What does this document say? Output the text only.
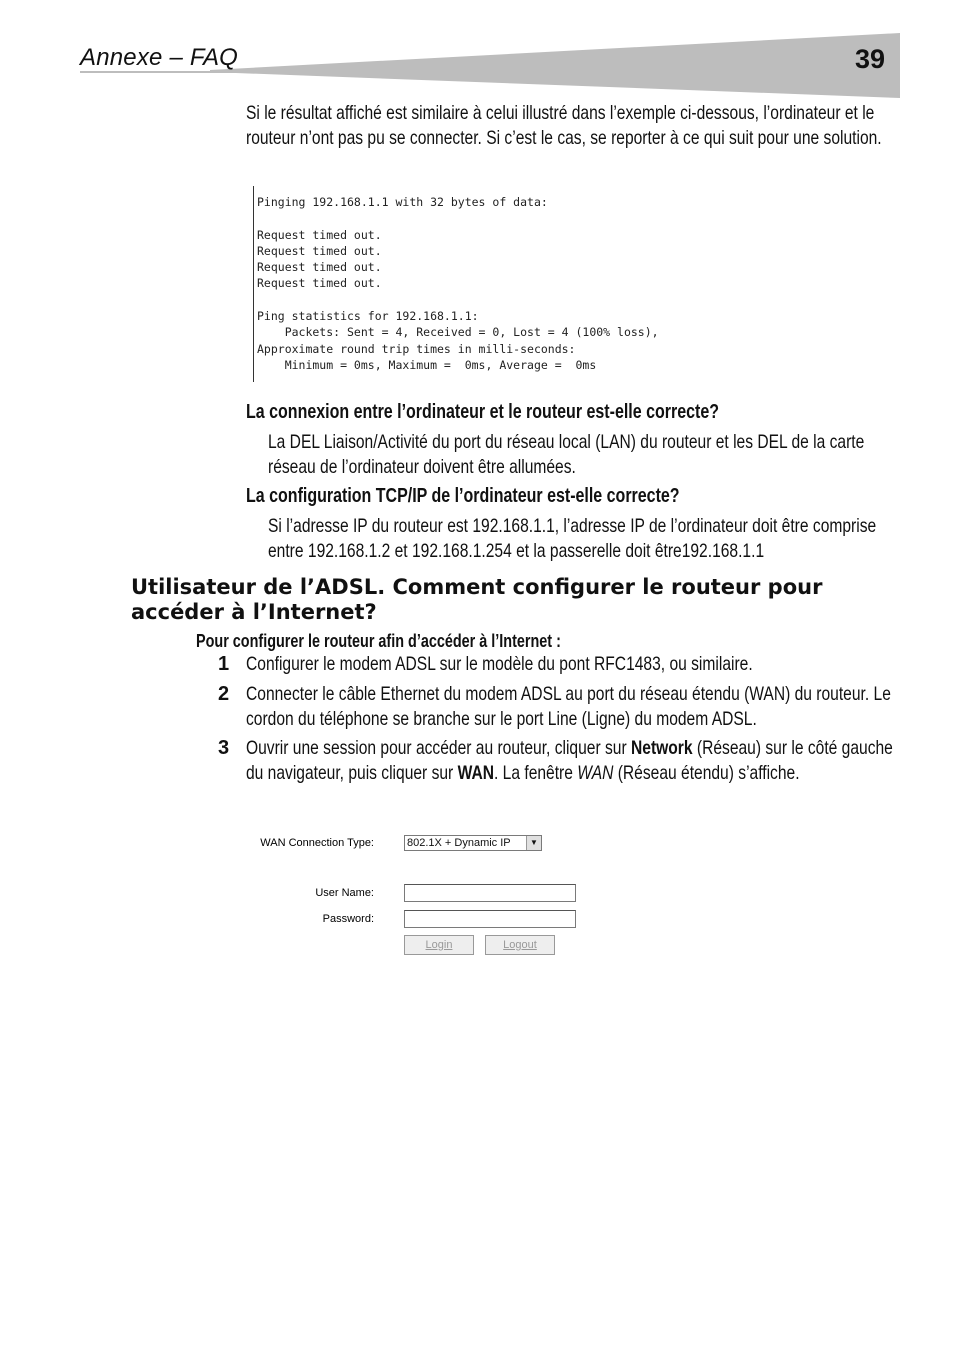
Annexe – FAQ	39
Si le résultat affiché est similaire à celui illustré dans l’exemple ci-dessous, l’ordinateur et le routeur n’ont pas pu se connecter. Si c’est le cas, se reporter à ce qui suit pour une solution.
Pinging 192.168.1.1 with 32 bytes of data:

Request timed out.
Request timed out.
Request timed out.
Request timed out.

Ping statistics for 192.168.1.1:
Packets: Sent = 4, Received = 0, Lost = 4 (100% loss),
Approximate round trip times in milli-seconds:
Minimum = 0ms, Maximum =  0ms, Average =  0ms
La connexion entre l’ordinateur et le routeur est-elle correcte?
La DEL Liaison/Activité du port du réseau local (LAN) du routeur et les DEL de la carte réseau de l’ordinateur doivent être allumées.
La configuration TCP/IP de l’ordinateur est-elle correcte?
Si l’adresse IP du routeur est 192.168.1.1, l’adresse IP de l’ordinateur doit être comprise entre 192.168.1.2 et 192.168.1.254 et la passerelle doit être192.168.1.1
Utilisateur de l’ADSL. Comment configurer le routeur pour accéder à l’Internet?
Pour configurer le routeur afin d’accéder à l’Internet :
1 Configurer le modem ADSL sur le modèle du pont RFC1483, ou similaire.
2 Connecter le câble Ethernet du modem ADSL au port du réseau étendu (WAN) du routeur. Le cordon du téléphone se branche sur le port Line (Ligne) du modem ADSL.
3 Ouvrir une session pour accéder au routeur, cliquer sur Network (Réseau) sur le côté gauche du navigateur, puis cliquer sur WAN. La fenêtre WAN (Réseau étendu) s’affiche.
WAN Connection Type:	802.1X + Dynamic IP	▼
User Name:
Password:
Login	Logout
